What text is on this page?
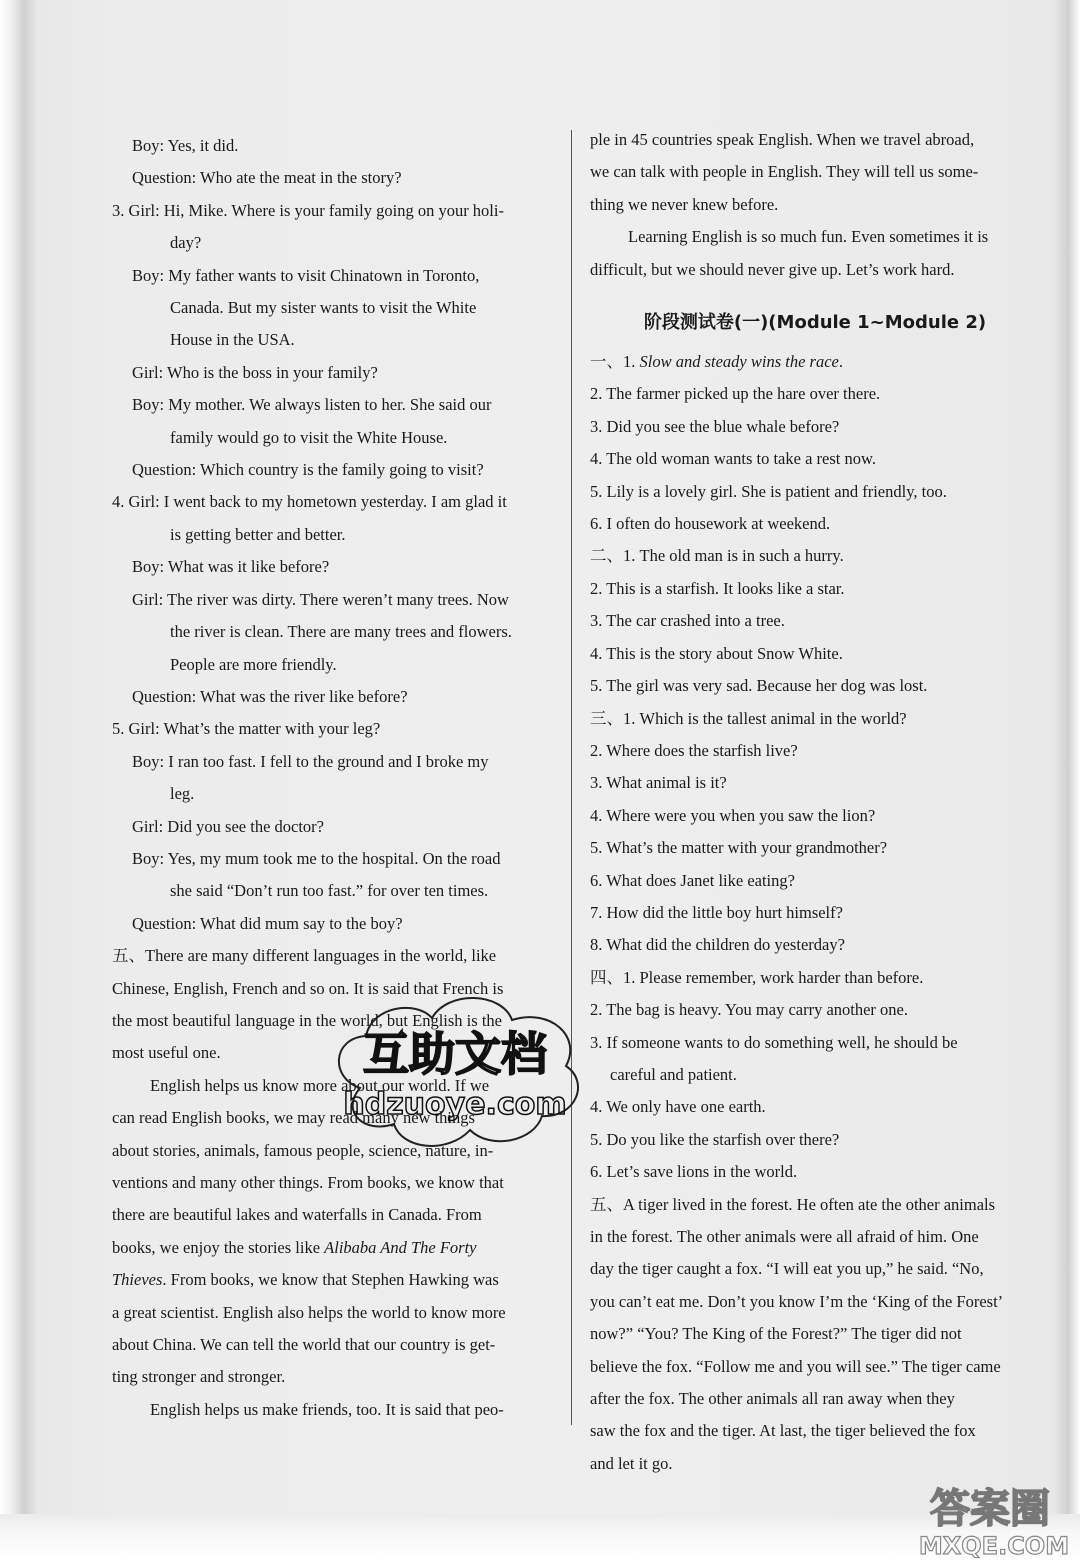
Boy: Yes, it did.

Question: Who ate the meat in the story?

3. Girl: Hi, Mike. Where is your family going on your holi-

day?

Boy: My father wants to visit Chinatown in Toronto,

Canada. But my sister wants to visit the White

House in the USA.

Girl: Who is the boss in your family?

Boy: My mother. We always listen to her. She said our

family would go to visit the White House.

Question: Which country is the family going to visit?

4. Girl: I went back to my hometown yesterday. I am glad it

is getting better and better.

Boy: What was it like before?

Girl: The river was dirty. There weren’t many trees. Now

the river is clean. There are many trees and flowers.

People are more friendly.

Question: What was the river like before?

5. Girl: What’s the matter with your leg?

Boy: I ran too fast. I fell to the ground and I broke my

leg.

Girl: Did you see the doctor?

Boy: Yes, my mum took me to the hospital. On the road

she said “Don’t run too fast.” for over ten times.

Question: What did mum say to the boy?

五、There are many different languages in the world, like

Chinese, English, French and so on. It is said that French is

the most beautiful language in the world, but English is the

most useful one.

English helps us know more about our world. If we

can read English books, we may read many new things

about stories, animals, famous people, science, nature, in-

ventions and many other things. From books, we know that

there are beautiful lakes and waterfalls in Canada. From

books, we enjoy the stories like Alibaba And The Forty

Thieves. From books, we know that Stephen Hawking was

a great scientist. English also helps the world to know more

about China. We can tell the world that our country is get-

ting stronger and stronger.

English helps us make friends, too. It is said that peo-

ple in 45 countries speak English. When we travel abroad,

we can talk with people in English. They will tell us some-

thing we never knew before.

Learning English is so much fun. Even sometimes it is

difficult, but we should never give up. Let’s work hard.

阶段测试卷(一)(Module 1~Module 2)

一、1. Slow and steady wins the race.

2. The farmer picked up the hare over there.

3. Did you see the blue whale before?

4. The old woman wants to take a rest now.

5. Lily is a lovely girl. She is patient and friendly, too.

6. I often do housework at weekend.

二、1. The old man is in such a hurry.

2. This is a starfish. It looks like a star.

3. The car crashed into a tree.

4. This is the story about Snow White.

5. The girl was very sad. Because her dog was lost.

三、1. Which is the tallest animal in the world?

2. Where does the starfish live?

3. What animal is it?

4. Where were you when you saw the lion?

5. What’s the matter with your grandmother?

6. What does Janet like eating?

7. How did the little boy hurt himself?

8. What did the children do yesterday?

四、1. Please remember, work harder than before.

2. The bag is heavy. You may carry another one.

3. If someone wants to do something well, he should be

careful and patient.

4. We only have one earth.

5. Do you like the starfish over there?

6. Let’s save lions in the world.

五、A tiger lived in the forest. He often ate the other animals

in the forest. The other animals were all afraid of him. One

day the tiger caught a fox. “I will eat you up,” he said. “No,

you can’t eat me. Don’t you know I’m the ‘King of the Forest’

now?” “You? The King of the Forest?” The tiger did not

believe the fox. “Follow me and you will see.” The tiger came

after the fox. The other animals all ran away when they

saw the fox and the tiger. At last, the tiger believed the fox

and let it go.

互助文档
hdzuoye.com
答案圈
MXQE.COM
